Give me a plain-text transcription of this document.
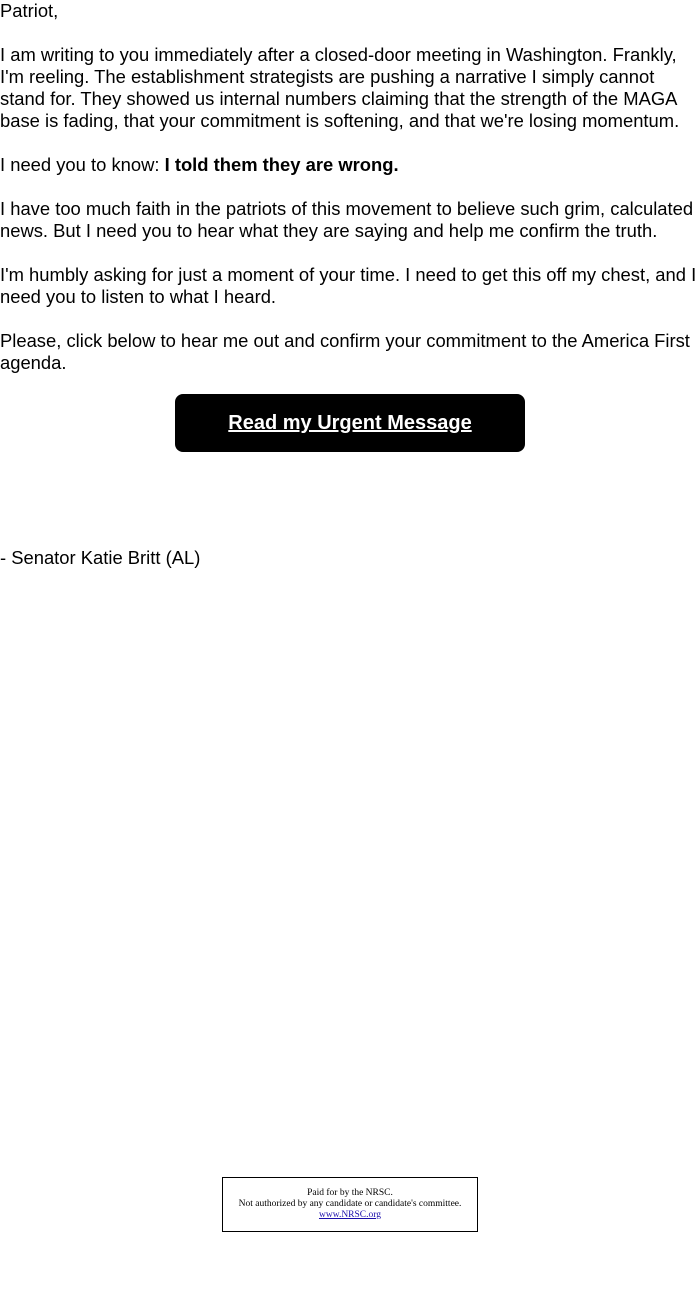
Patriot,

I am writing to you immediately after a closed-door meeting in Washington. Frankly, I'm reeling. The establishment strategists are pushing a narrative I simply cannot stand for. They showed us internal numbers claiming that the strength of the MAGA base is fading, that your commitment is softening, and that we're losing momentum.

I need you to know: I told them they are wrong.

I have too much faith in the patriots of this movement to believe such grim, calculated news. But I need you to hear what they are saying and help me confirm the truth.

I'm humbly asking for just a moment of your time. I need to get this off my chest, and I need you to listen to what I heard.

Please, click below to hear me out and confirm your commitment to the America First agenda.

Read my Urgent Message
- Senator Katie Britt (AL)
Paid for by the NRSC.
Not authorized by any candidate or candidate's committee.
www.NRSC.org
